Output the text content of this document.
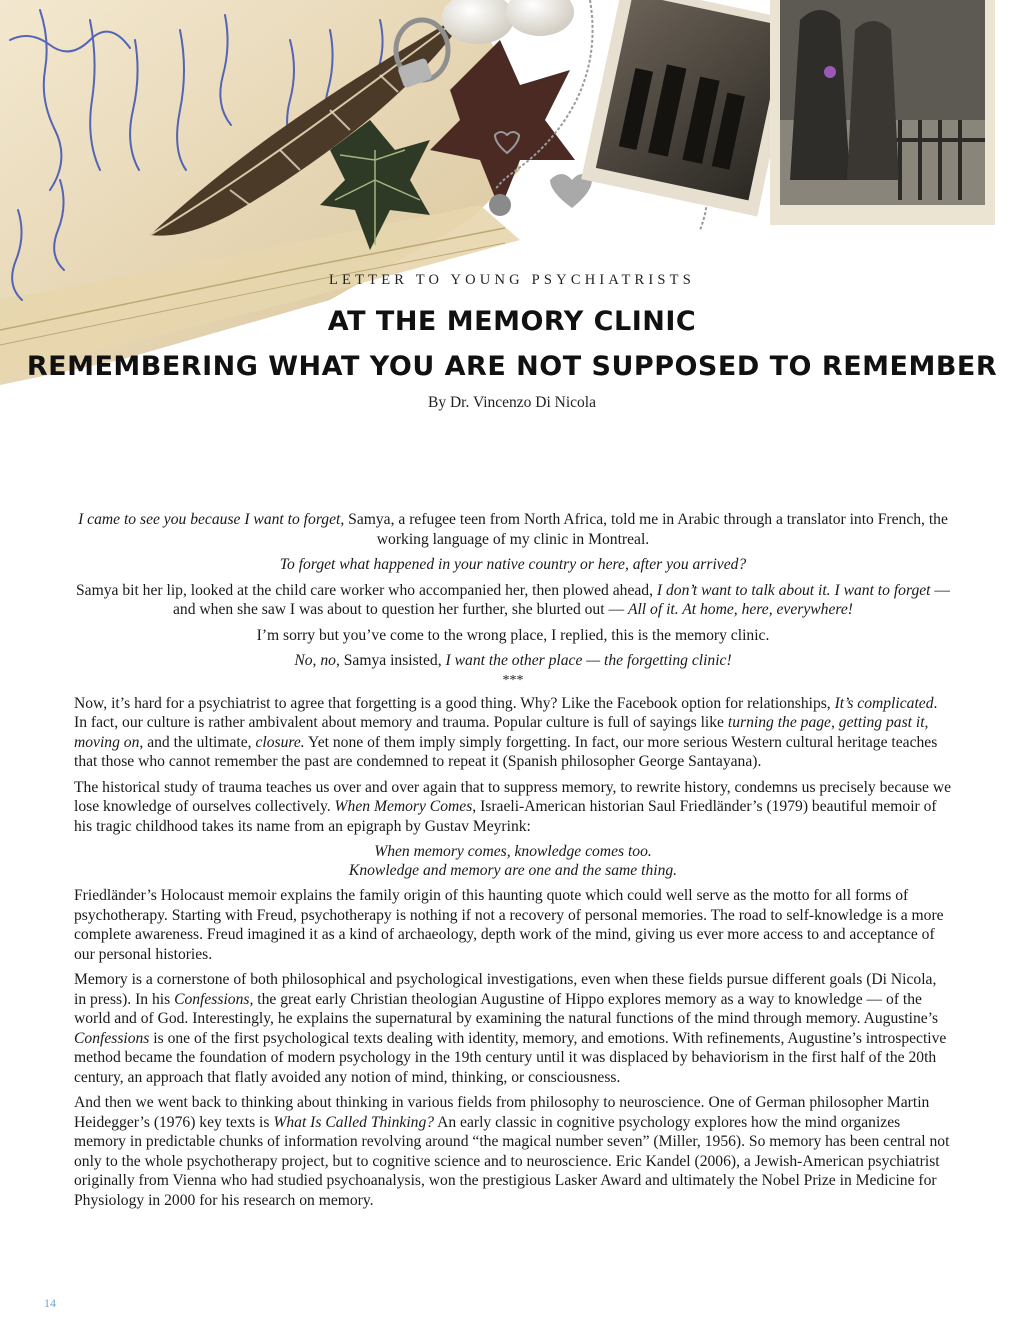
LETTER TO YOUNG PSYCHIATRISTS
AT THE MEMORY CLINIC
REMEMBERING WHAT YOU ARE NOT SUPPOSED TO REMEMBER
By Dr. Vincenzo Di Nicola

I came to see you because I want to forget, Samya, a refugee teen from North Africa, told me in Arabic through a translator into French, the working language of my clinic in Montreal.

To forget what happened in your native country or here, after you arrived?

Samya bit her lip, looked at the child care worker who accompanied her, then plowed ahead, I don’t want to talk about it. I want to forget — and when she saw I was about to question her further, she blurted out — All of it. At home, here, everywhere!

I’m sorry but you’ve come to the wrong place, I replied, this is the memory clinic.

No, no, Samya insisted, I want the other place — the forgetting clinic!

***

Now, it’s hard for a psychiatrist to agree that forgetting is a good thing. Why? Like the Facebook option for relationships, It’s complicated. In fact, our culture is rather ambivalent about memory and trauma. Popular culture is full of sayings like turning the page, getting past it, moving on, and the ultimate, closure. Yet none of them imply simply forgetting. In fact, our more serious Western cultural heritage teaches that those who cannot remember the past are condemned to repeat it (Spanish philosopher George Santayana).

The historical study of trauma teaches us over and over again that to suppress memory, to rewrite history, condemns us precisely because we lose knowledge of ourselves collectively. When Memory Comes, Israeli-American historian Saul Friedländer’s (1979) beautiful memoir of his tragic childhood takes its name from an epigraph by Gustav Meyrink:

When memory comes, knowledge comes too.
Knowledge and memory are one and the same thing.

Friedländer’s Holocaust memoir explains the family origin of this haunting quote which could well serve as the motto for all forms of psychotherapy. Starting with Freud, psychotherapy is nothing if not a recovery of personal memories. The road to self-knowledge is a more complete awareness. Freud imagined it as a kind of archaeology, depth work of the mind, giving us ever more access to and acceptance of our personal histories.

Memory is a cornerstone of both philosophical and psychological investigations, even when these fields pursue different goals (Di Nicola, in press). In his Confessions, the great early Christian theologian Augustine of Hippo explores memory as a way to knowledge — of the world and of God. Interestingly, he explains the supernatural by examining the natural functions of the mind through memory. Augustine’s Confessions is one of the first psychological texts dealing with identity, memory, and emotions. With refinements, Augustine’s introspective method became the foundation of modern psychology in the 19th century until it was displaced by behaviorism in the first half of the 20th century, an approach that flatly avoided any notion of mind, thinking, or consciousness.

And then we went back to thinking about thinking in various fields from philosophy to neuroscience. One of German philosopher Martin Heidegger’s (1976) key texts is What Is Called Thinking? An early classic in cognitive psychology explores how the mind organizes memory in predictable chunks of information revolving around “the magical number seven” (Miller, 1956). So memory has been central not only to the whole psychotherapy project, but to cognitive science and to neuroscience. Eric Kandel (2006), a Jewish-American psychiatrist originally from Vienna who had studied psychoanalysis, won the prestigious Lasker Award and ultimately the Nobel Prize in Medicine for Physiology in 2000 for his research on memory.

14
